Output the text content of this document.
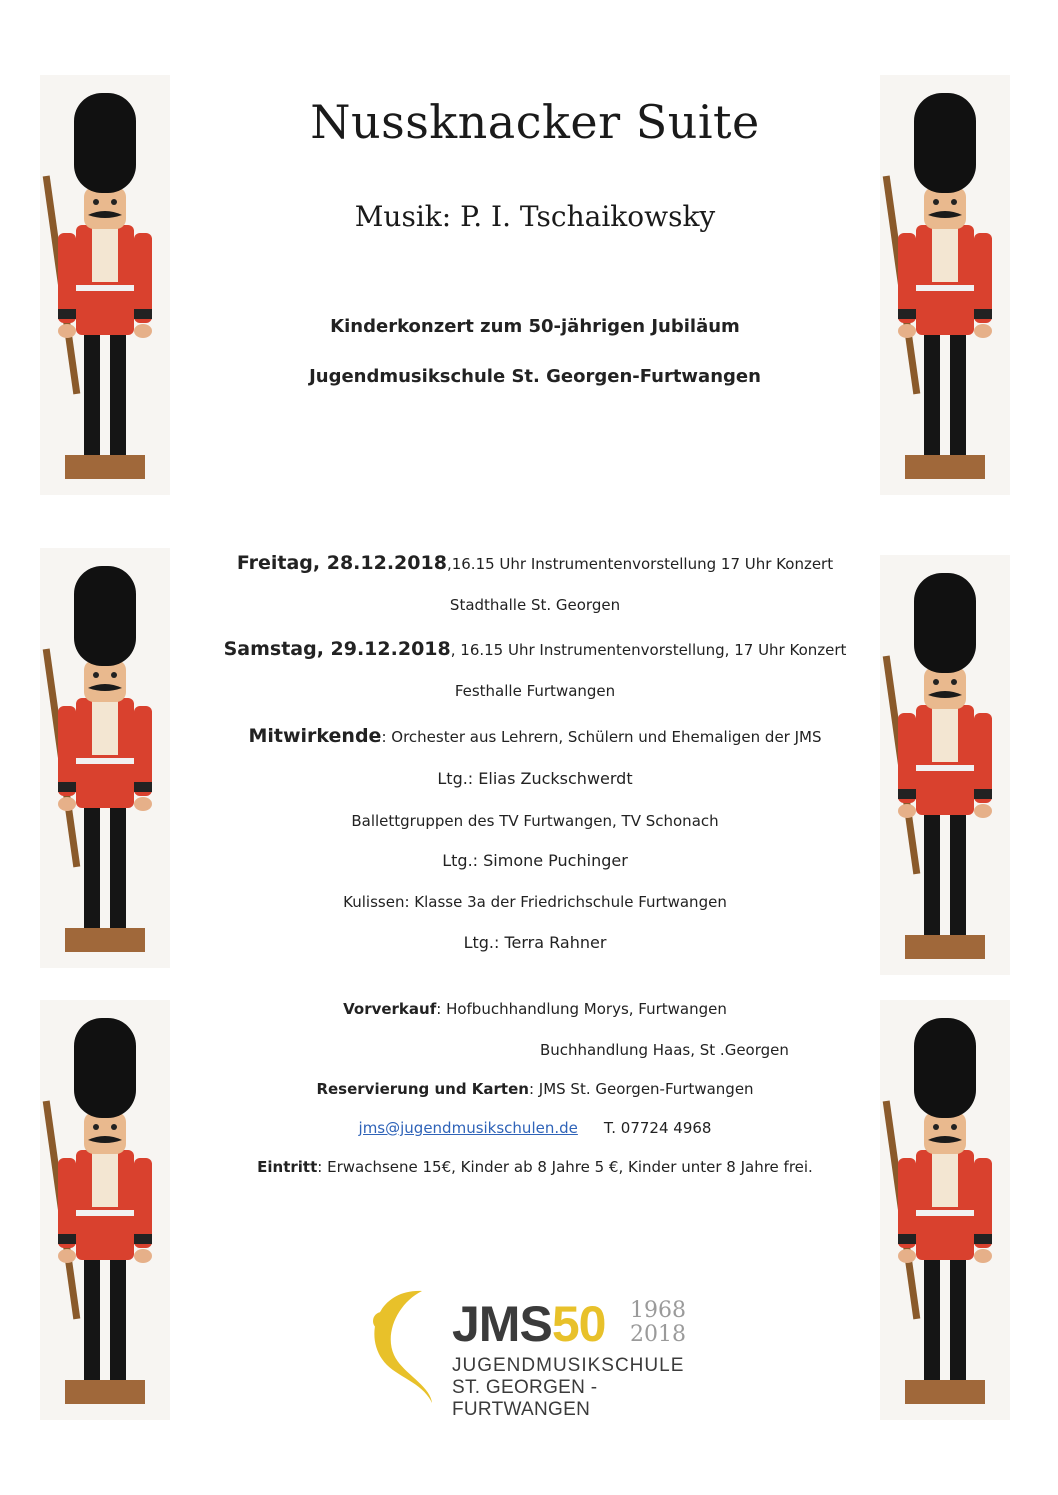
Nussknacker Suite
Musik: P. I. Tschaikowsky
Kinderkonzert zum 50-jährigen Jubiläum
Jugendmusikschule St. Georgen-Furtwangen
Freitag, 28.12.2018,16.15 Uhr Instrumentenvorstellung 17 Uhr Konzert
Stadthalle St. Georgen
Samstag, 29.12.2018, 16.15 Uhr Instrumentenvorstellung, 17 Uhr Konzert
Festhalle Furtwangen
Mitwirkende: Orchester aus Lehrern, Schülern und Ehemaligen der JMS
Ltg.: Elias Zuckschwerdt
Ballettgruppen des TV Furtwangen, TV Schonach
Ltg.: Simone Puchinger
Kulissen: Klasse 3a der Friedrichschule Furtwangen
Ltg.: Terra Rahner
Vorverkauf: Hofbuchhandlung Morys, Furtwangen
Buchhandlung Haas, St .Georgen
Reservierung und Karten: JMS St. Georgen-Furtwangen
jms@jugendmusikschulen.de T. 07724 4968
Eintritt: Erwachsene 15€, Kinder ab 8 Jahre 5 €, Kinder unter 8 Jahre frei.
JMS50 1968
2018
JUGENDMUSIKSCHULE
ST. GEORGEN - FURTWANGEN
